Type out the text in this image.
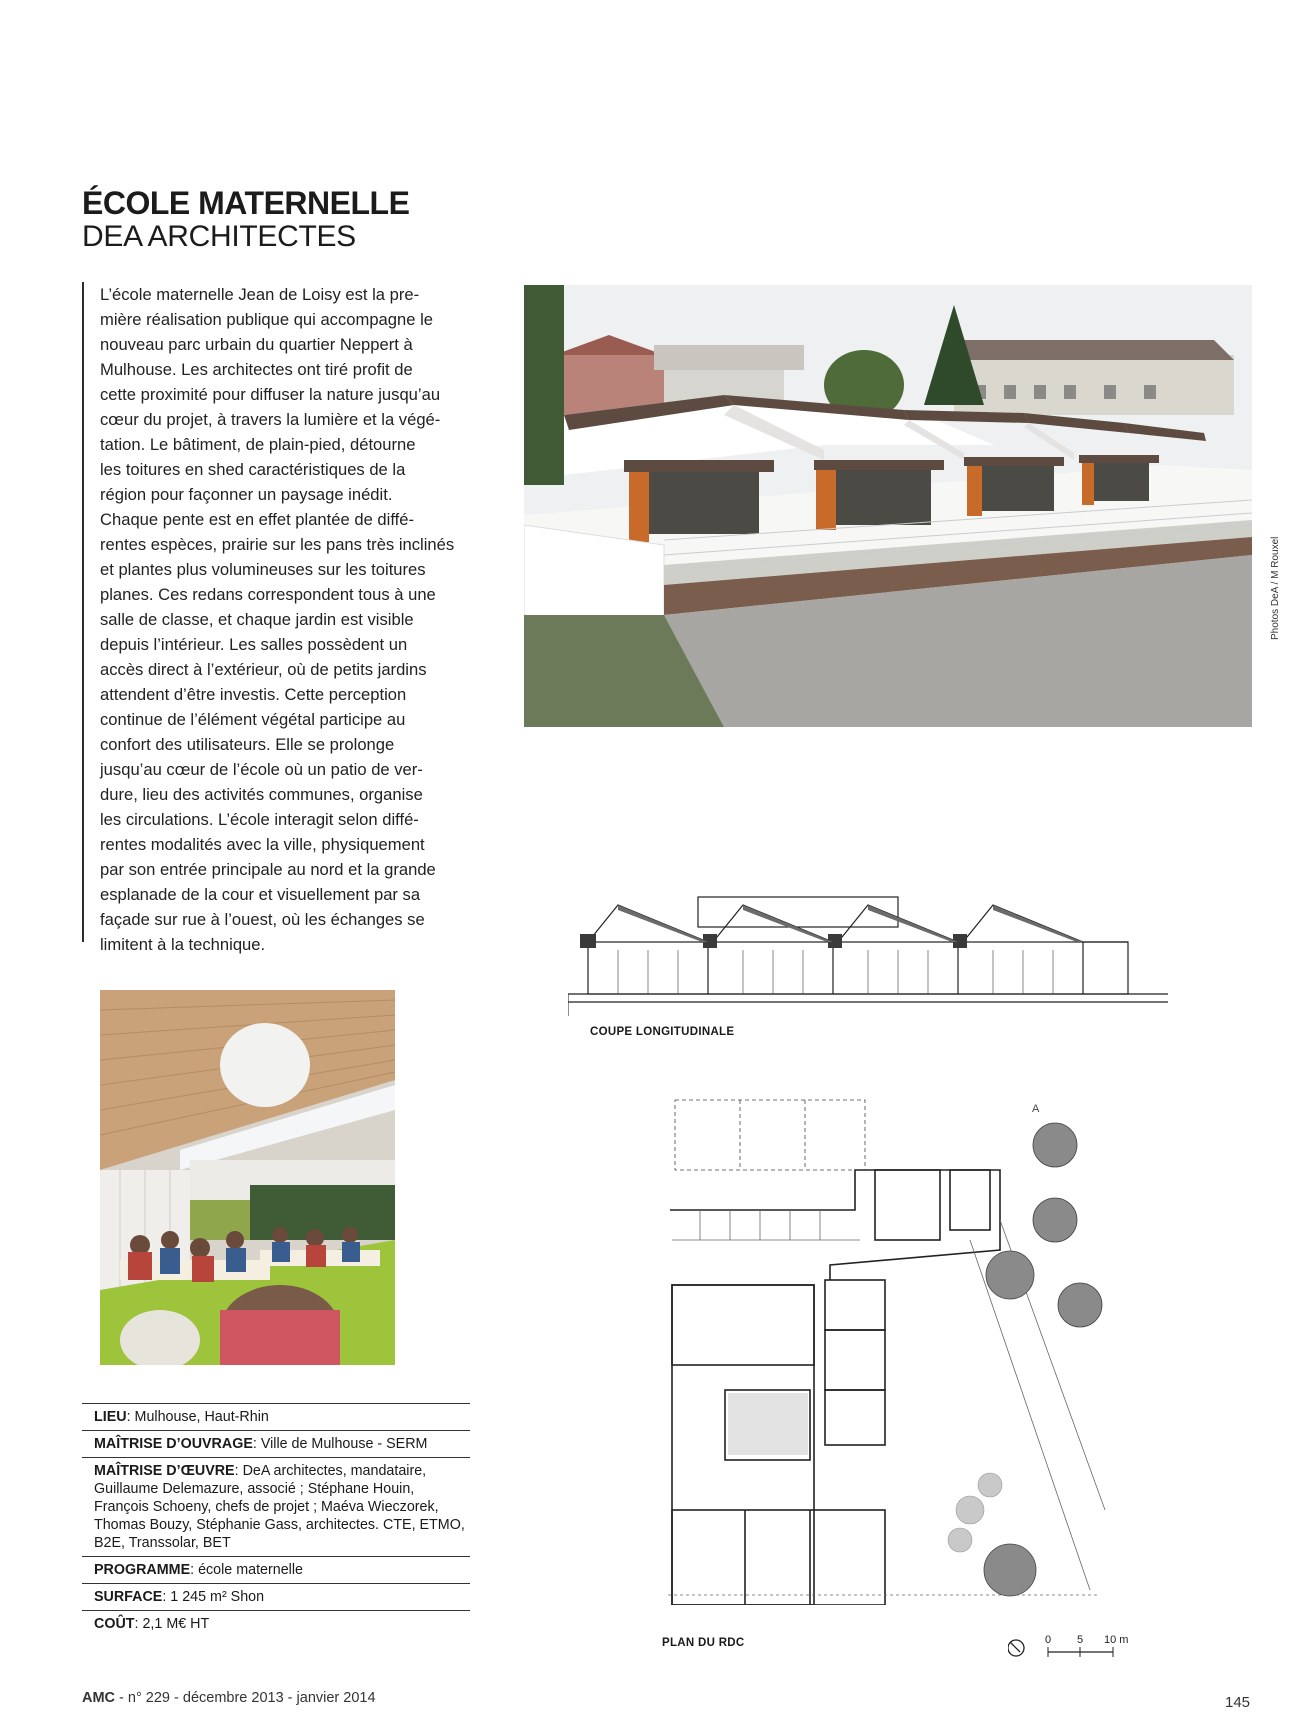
ÉCOLE MATERNELLE
DEA ARCHITECTES
L’école maternelle Jean de Loisy est la pre-
mière réalisation publique qui accompagne le
nouveau parc urbain du quartier Neppert à
Mulhouse. Les architectes ont tiré profit de
cette proximité pour diffuser la nature jusqu’au
cœur du projet, à travers la lumière et la végé-
tation. Le bâtiment, de plain-pied, détourne
les toitures en shed caractéristiques de la
région pour façonner un paysage inédit.
Chaque pente est en effet plantée de diffé-
rentes espèces, prairie sur les pans très inclinés
et plantes plus volumineuses sur les toitures
planes. Ces redans correspondent tous à une
salle de classe, et chaque jardin est visible
depuis l’intérieur. Les salles possèdent un
accès direct à l’extérieur, où de petits jardins
attendent d’être investis. Cette perception
continue de l’élément végétal participe au
confort des utilisateurs. Elle se prolonge
jusqu’au cœur de l’école où un patio de ver-
dure, lieu des activités communes, organise
les circulations. L’école interagit selon diffé-
rentes modalités avec la ville, physiquement
par son entrée principale au nord et la grande
esplanade de la cour et visuellement par sa
façade sur rue à l’ouest, où les échanges se
limitent à la technique.
Photos DeA / M Rouxel
COUPE LONGITUDINALE
A
PLAN DU RDC	0 5 10 m
LIEU: Mulhouse, Haut-Rhin
MAÎTRISE D’OUVRAGE: Ville de Mulhouse - SERM
MAÎTRISE D’ŒUVRE: DeA architectes, mandataire, Guillaume Delemazure, associé ; Stéphane Houin, François Schoeny, chefs de projet ; Maéva Wieczorek, Thomas Bouzy, Stéphanie Gass, architectes. CTE, ETMO, B2E, Transsolar, BET
PROGRAMME: école maternelle
SURFACE: 1 245 m² Shon
COÛT: 2,1 M€ HT
AMC - n° 229 - décembre 2013 - janvier 2014	145
